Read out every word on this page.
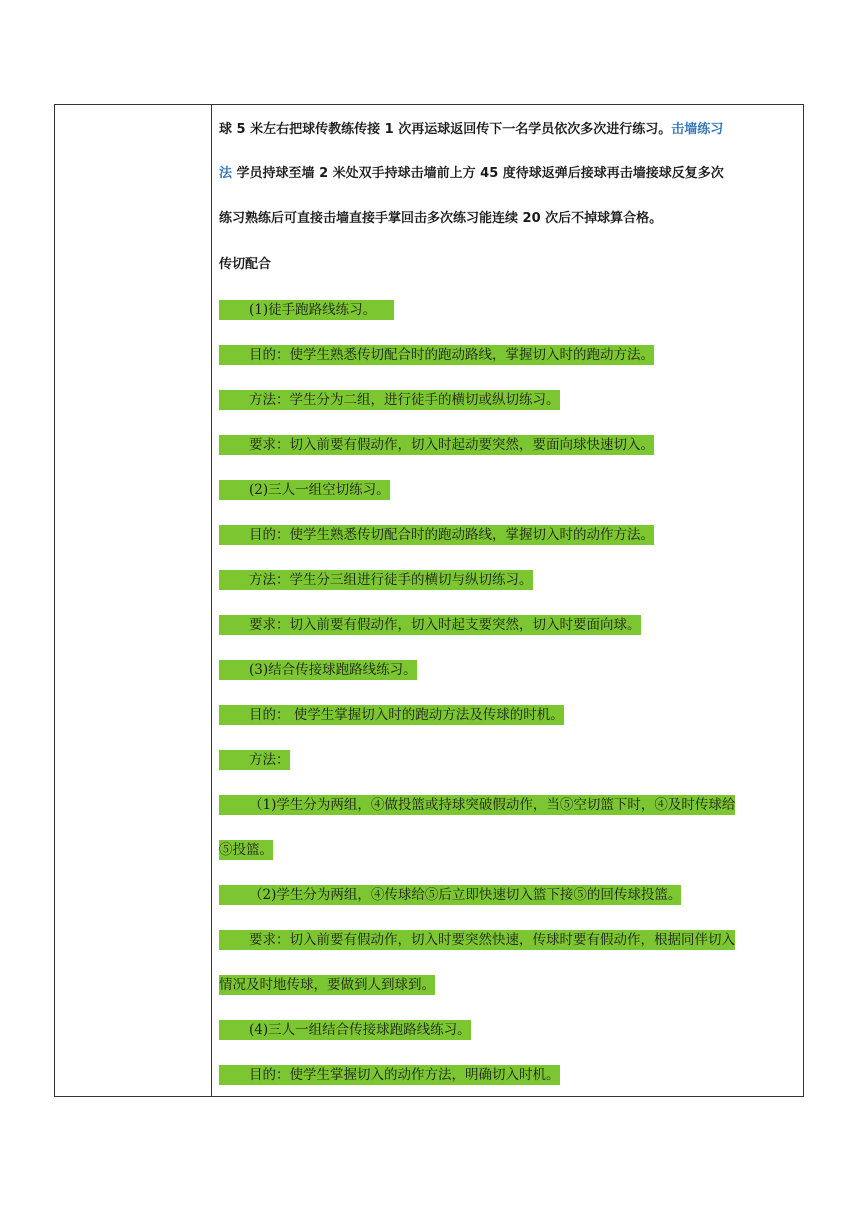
球 5 米左右把球传教练传接 1 次再运球返回传下一名学员依次多次进行练习。击墙练习
法 学员持球至墙 2 米处双手持球击墙前上方 45 度待球返弹后接球再击墙接球反复多次
练习熟练后可直接击墙直接手掌回击多次练习能连续 20 次后不掉球算合格。
传切配合
(1)徒手跑路线练习。
目的：使学生熟悉传切配合时的跑动路线，掌握切入时的跑动方法。
方法：学生分为二组，进行徒手的横切或纵切练习。
要求：切入前要有假动作，切入时起动要突然，要面向球快速切入。
(2)三人一组空切练习。
目的：使学生熟悉传切配合时的跑动路线，掌握切入时的动作方法。
方法：学生分三组进行徒手的横切与纵切练习。
要求：切入前要有假动作，切入时起支要突然，切入时要面向球。
(3)结合传接球跑路线练习。
目的： 使学生掌握切入时的跑动方法及传球的时机。
方法：
（1)学生分为两组，④做投篮或持球突破假动作，当⑤空切篮下时，④及时传球给
⑤投篮。
（2)学生分为两组，④传球给⑤后立即快速切入篮下接⑤的回传球投篮。
要求：切入前要有假动作，切入时要突然快速，传球时要有假动作，根据同伴切入
情况及时地传球，要做到人到球到。
(4)三人一组结合传接球跑路线练习。
目的：使学生掌握切入的动作方法，明确切入时机。
